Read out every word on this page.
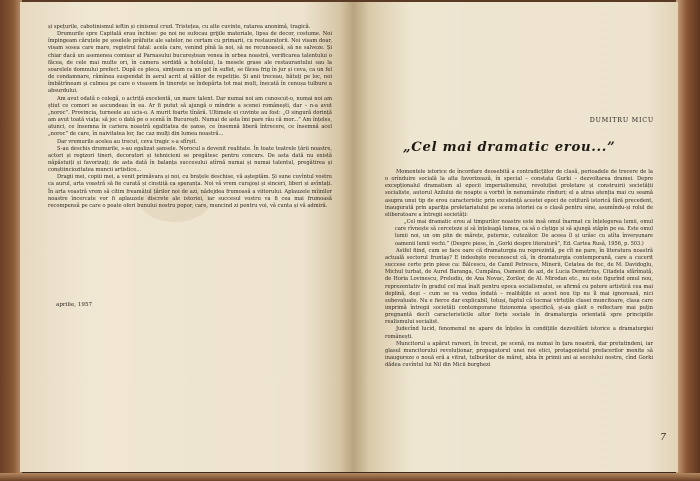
și spețurile, cabotinismul ieftin și cinismul crud. Tristețea, cu alte cuvinte, ratarea anonimă, tragică.

Drumurile spre Capitală erau închise: pe noi ne sufocau grijile materiale, lipsa de decor, costume. Noi împingeam căruțele pe șoselele prăfuite ale satelor, ne certam cu primarii, cu restauratorii. Noi visam doar, visam sosea care mare, registrul fatal: acela care, venind pînă la noi, să ne recunoască, să ne salveze. Și chiar dacă un asemenea comisar al Parnasului bucureștean venea în urbea noastră, verificarea talentului o făcea, de cele mai multe ori, în camera sordidă a hotelului, la mesele grase ale restaurantului sau la soarelele domnului prefect. După ce pleca, simțeam ca un gol în suflet, se făcea frig în jur și ceva, ca un fel de condamnare, rămînea suspendat în aerul acrit al sălilor de repetiție. Și anii treceau, bătuți pe loc, noi îmbătrîneam și culmea pe care o visasem în tinerețe se îndepărta tot mai mult, înecată în cenușa tulbure a absurdului.

Am avut odată o colegă, o actriță excelentă, un mare talent. Dar numai noi am cunoscut-o, numai noi am știut ce comori se ascundeau în ea. Ar fi putut să ajungă o mîndrie a scenei românești, dar – n-a avut „noroc”. Provincia, turneele au ucis-o. A murit foarte tînără. Ultimele ei cuvinte au fost: „O singură dorință am avut toată viața: să joc o dată pe o scenă în București. Numai de asta îmi pare rău că mor...” Am înțeles, atunci, ce însemna în cariera noastră egalitatea de șanse, ce însemnă liberă întrecere, ce însemnă acel „noroc” de care, în naivitatea lor, fac caz mulți din lumea noastră...

Dar vremurile acelea au trecut, ceva tragic s-a sfîrșit.

S-au deschis drumurile, s-au egalizat șansele. Norocul a devenit realitate. În toate teatrele țării noastre, actori și regizori tineri, decoratori și tehnicieni se pregătesc pentru concurs. De asta dată nu există năpăstuiți și favorizați; de asta dată în balanța succesului atîrnă numai și numai talentul, pregătirea și conștiinciozitatea muncii artistice...

Dragii mei, copiii mei, a venit primăvara și noi, cu brațele deschise, vă așteptăm. Și sune cuvîntul vostru ca aurul, arta voastră să fie curată și cinstită ca speranța. Noi vă vrem curajoși și sinceri, liberi și avîntați. În arta voastră vrem să citim freamătul țărilor noi de azi, nădejdea frumoasă a viitorului. Aplauzele mîinilor noastre încercate vor fi aplauzele discrete ale istoriei, iar succesul vostru va fi cea mai frumoasă recompensă pe care o poate oferi bunului nostru popor, care, muncind zi pentru voi, vă cunta și vă admiră.

aprilie, 1957
DUMITRU MICU
„Cel mai dramatic erou...”

Momentele istorice de încordare deosebită a contradicțiilor de clasă, perioadele de trecere de la o orînduire socială la alta favorizează, în special – constata Gurki – dezvoltarea dramei. Depre excepționalul dramatism al epocii imperialismului, revoluției proletare și construirii societății socialiste, autorul Azilului de noapte a vorbit în nenumărate rînduri; el a atras atenția mai cu seamă asupra unui tip de erou caracteristic prin excelență acestei epoci de cotitură istorică fără precedent, inaugurată prin apariția proletariatului pe scena istoriei ca o clasă pentru sine, asumîndu-și rolul de eliberatoare a întregii societăți:

„Cel mai dramatic erou al timpurilor noastre este insă omul înarmat cu înțelegerea lumii, omul care rîvnește să cerceteze și să înțeleagă lumea, ca să o cîștige și să ajungă stăpîn pe ea. Este omul lumii noi, un om plin de mărețe, puternic, cutezător. De aceea îl și urăsc cu atîta înverșunare oamenii lumii vechi.” (Despre piese, în „Gorki despre literatură”, Ed. Cartea Rusă, 1956, p. 503.)

Astfel fiind, cum se face oare că dramaturgia nu reprezintă, pe cît ne pare, în literatura noastră actuală sectorul fruntaș? E indeobște recunoscut că, în dramaturgia contemporană, care a cucerit succese certe prin piese ca: Bălcescu, de Camil Petrescu, Minerii, Cetatea de foc, de M. Davidoglu, Michul turbat, de Aurel Baranga, Cumpăna, Oamenii de azi, de Lucia Demetrius, Citadela sfărîmată, de Horia Lovinescu, Preludiu, de Ana Novac, Zorilor, de Al. Mirodan etc., nu este figurînd omul nou, reprezentativ în gradul cel mai înalt pentru epoca socialismului, se afirmă cu putere artistică cea mai deplină, deși – cum se va vedea îndată – realitățile ei acest nou tip nu îl mai ignorează, nici subevaluate. Nu e fierce dar explicabil, totuși, faptul că tocmai virtuțile clasei muncitoare, clasa care imprimă întregii societăți contemporane fizionomia specifică, și-au găsit o reflectare mai puțin pregnantă decît caracteristicile altor forțe sociale în dramaturgia orientată spre principiile realismului socialist.

Judecînd lucid, fenomenul ne apare de înțeles în condițiile dezvoltării istorice a dramaturgiei românești.

Muncitorul a apărut rareori, în trecut, pe scenă, nu numai în țara noastră, dar pretutindeni, iar glasul muncitorului revoluționar, propagatorul unei noi etici, protagonistul prefacerilor menite să inaugureze o nouă eră a vitrat, tulburător de măreț, abia în primii ani ai secolului nostru, cînd Gorki dădea cuvîntul lui Nil din Micii burghezi

7
